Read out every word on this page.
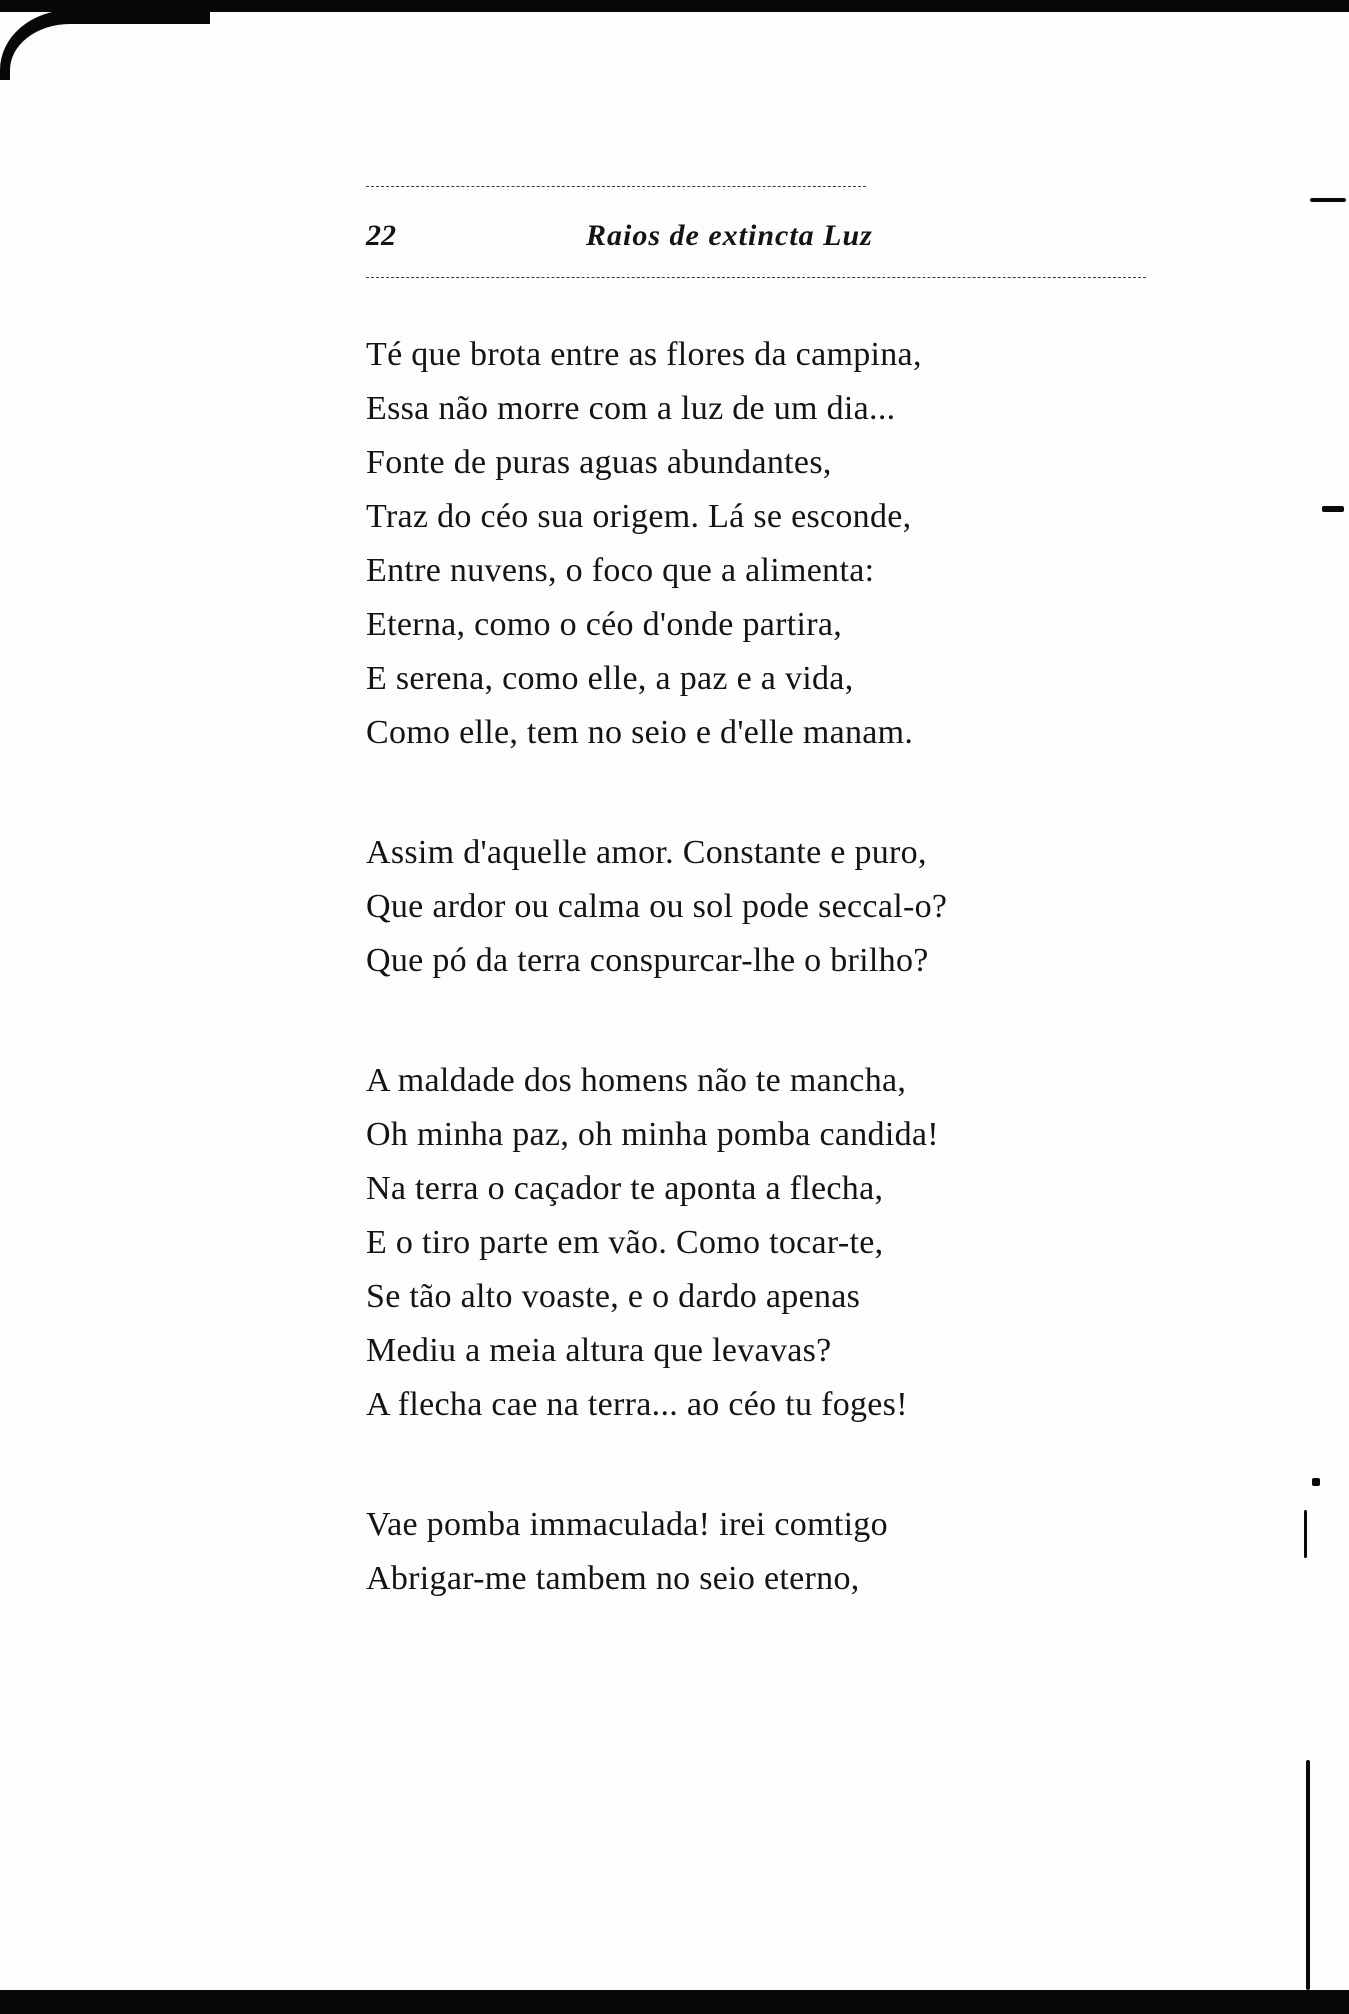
22	Raios de extincta Luz
Té que brota entre as flores da campina,
Essa não morre com a luz de um dia...
Fonte de puras aguas abundantes,
Traz do céo sua origem. Lá se esconde,
Entre nuvens, o foco que a alimenta:
Eterna, como o céo d'onde partira,
E serena, como elle, a paz e a vida,
Como elle, tem no seio e d'elle manam.
Assim d'aquelle amor. Constante e puro,
Que ardor ou calma ou sol pode seccal-o?
Que pó da terra conspurcar-lhe o brilho?
A maldade dos homens não te mancha,
Oh minha paz, oh minha pomba candida!
Na terra o caçador te aponta a flecha,
E o tiro parte em vão. Como tocar-te,
Se tão alto voaste, e o dardo apenas
Mediu a meia altura que levavas?
A flecha cae na terra... ao céo tu foges!
Vae pomba immaculada! irei comtigo
Abrigar-me tambem no seio eterno,
